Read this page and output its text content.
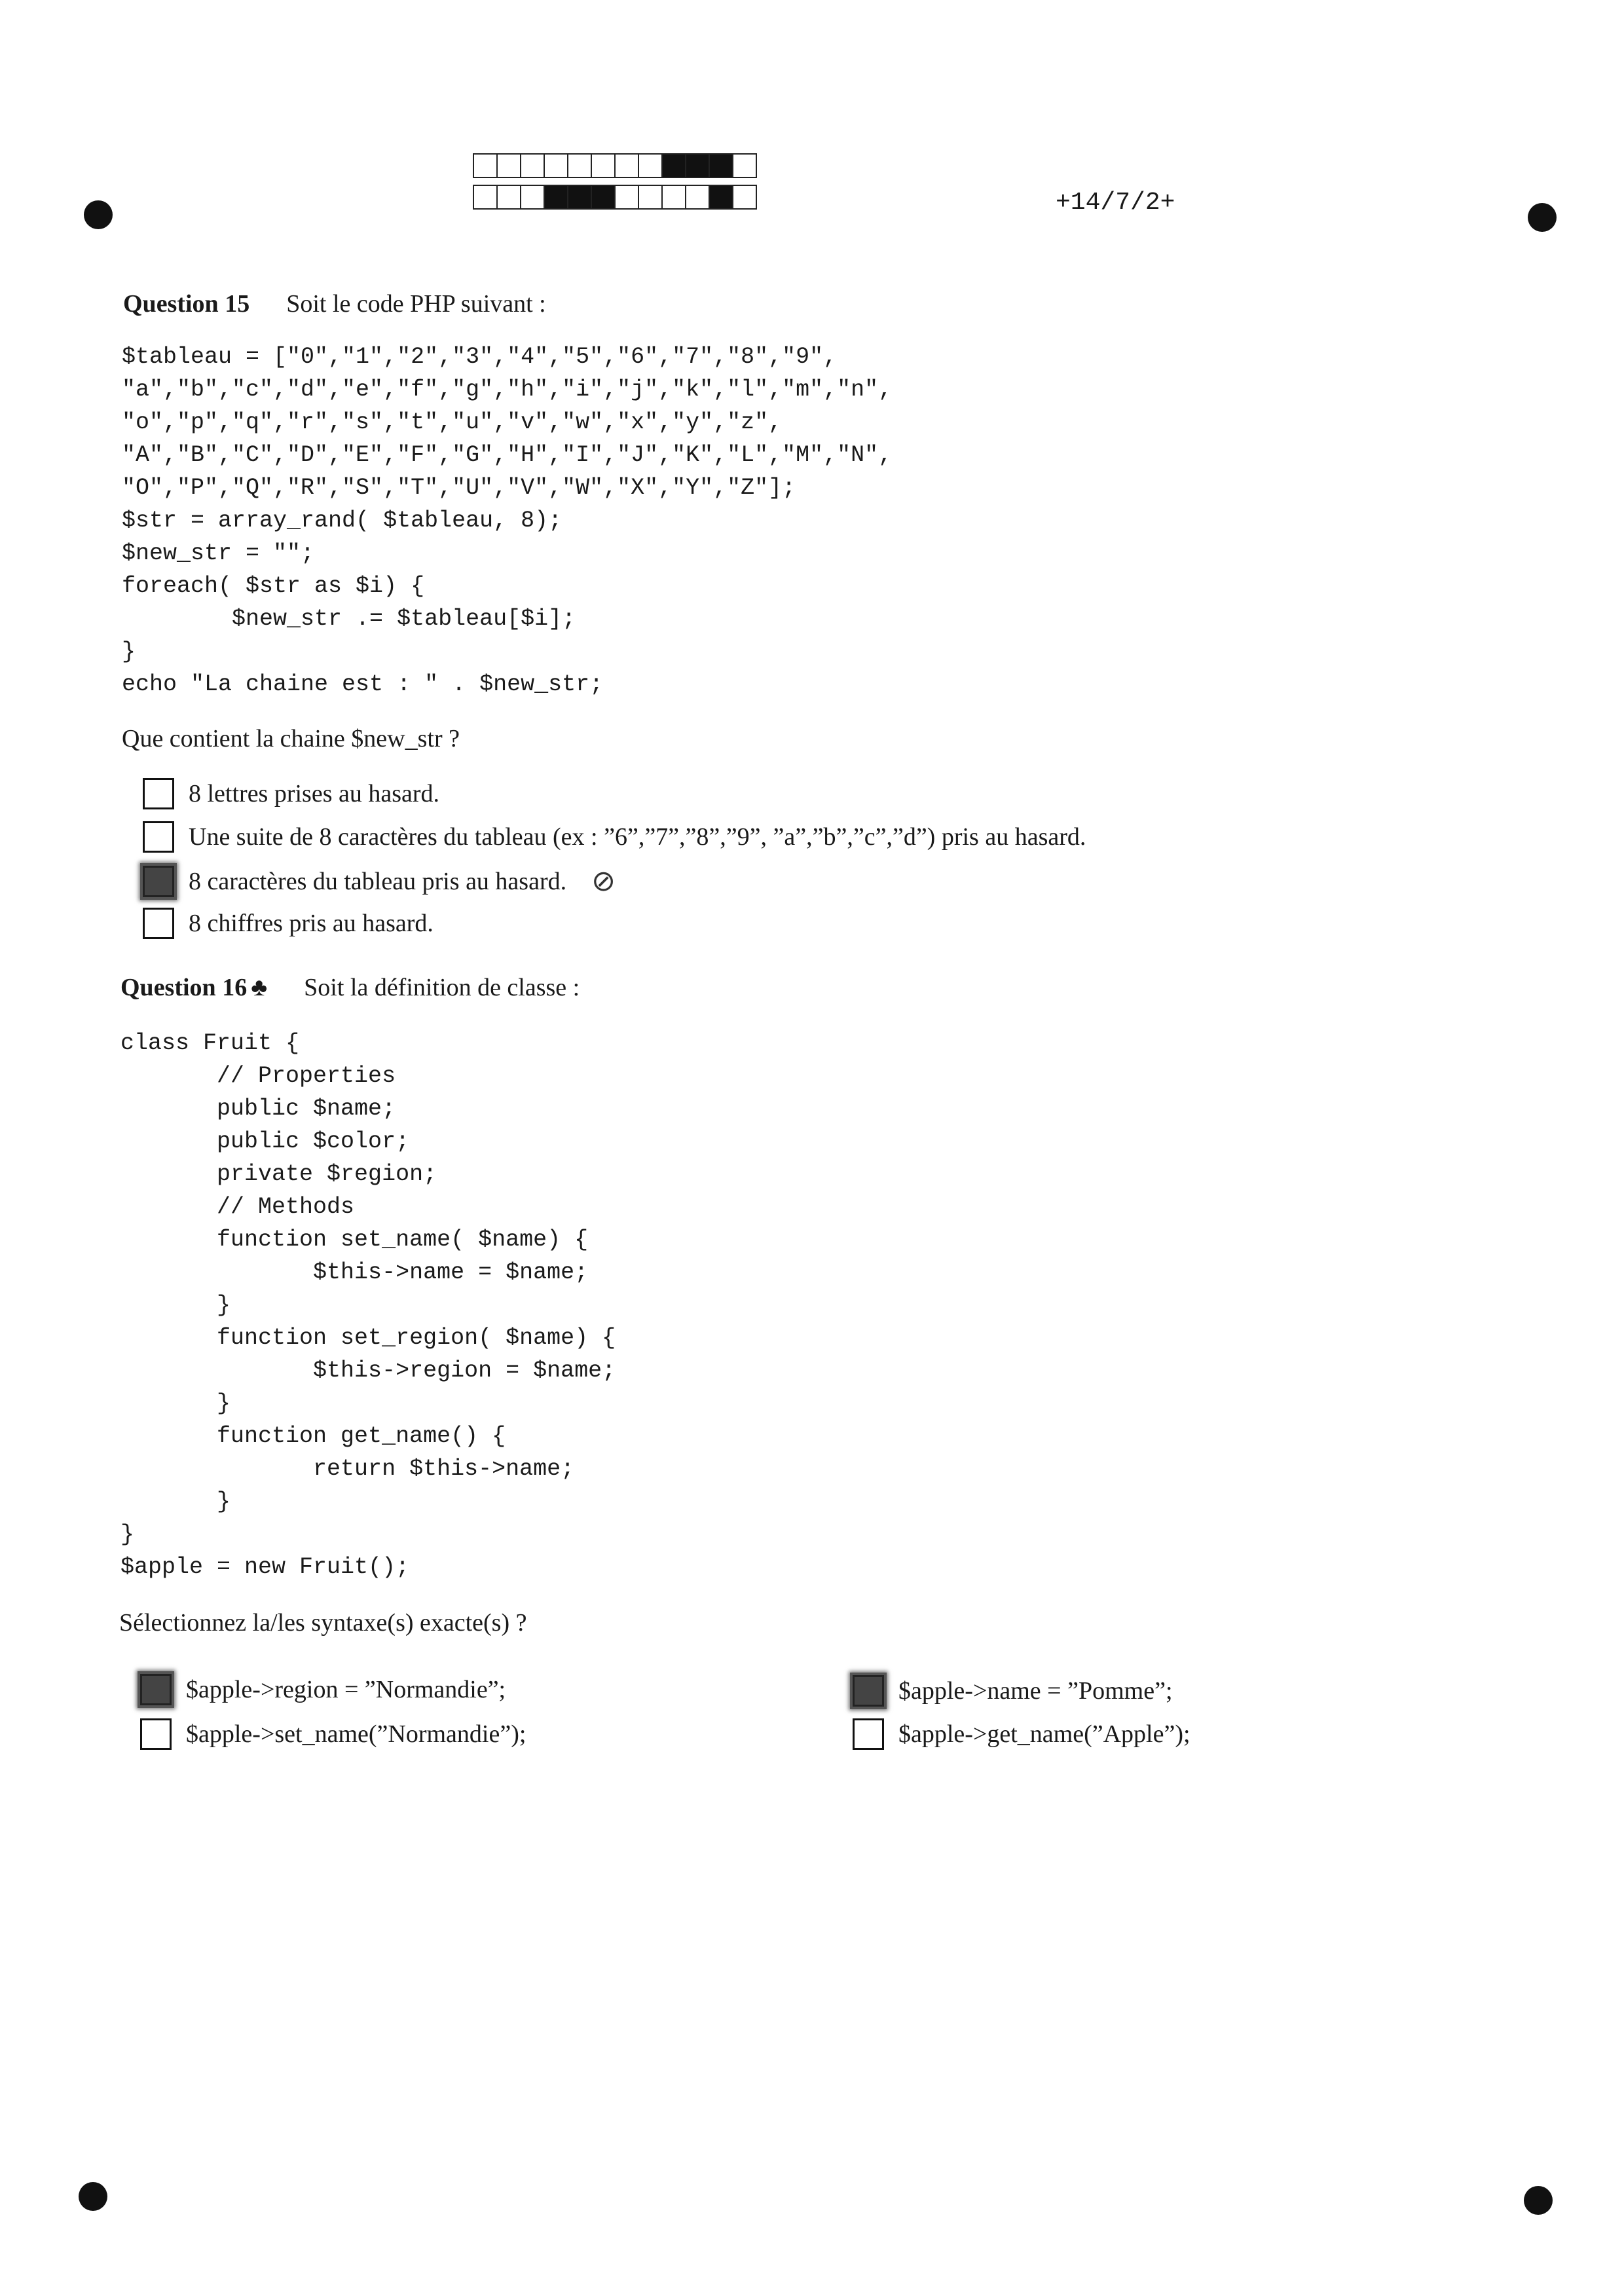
+14/7/2+
Question 15 Soit le code PHP suivant :
$tableau = ["0","1","2","3","4","5","6","7","8","9",
"a","b","c","d","e","f","g","h","i","j","k","l","m","n",
"o","p","q","r","s","t","u","v","w","x","y","z",
"A","B","C","D","E","F","G","H","I","J","K","L","M","N",
"O","P","Q","R","S","T","U","V","W","X","Y","Z"];
$str = array_rand( $tableau, 8);
$new_str = "";
foreach( $str as $i) {
$new_str .= $tableau[$i];
}
echo "La chaine est : " . $new_str;
Que contient la chaine $new_str ?
8 lettres prises au hasard.
Une suite de 8 caractères du tableau (ex : ”6”,”7”,”8”,”9”, ”a”,”b”,”c”,”d”) pris au hasard.
8 caractères du tableau pris au hasard. ⊘
8 chiffres pris au hasard.
Question 16 ♣ Soit la définition de classe :
class Fruit {
// Properties
public $name;
public $color;
private $region;
// Methods
function set_name( $name) {
$this->name = $name;
}
function set_region( $name) {
$this->region = $name;
}
function get_name() {
return $this->name;
}
}
$apple = new Fruit();
Sélectionnez la/les syntaxe(s) exacte(s) ?
$apple->region = ”Normandie”;	$apple->name = ”Pomme”;
$apple->set_name(”Normandie”);	$apple->get_name(”Apple”);
